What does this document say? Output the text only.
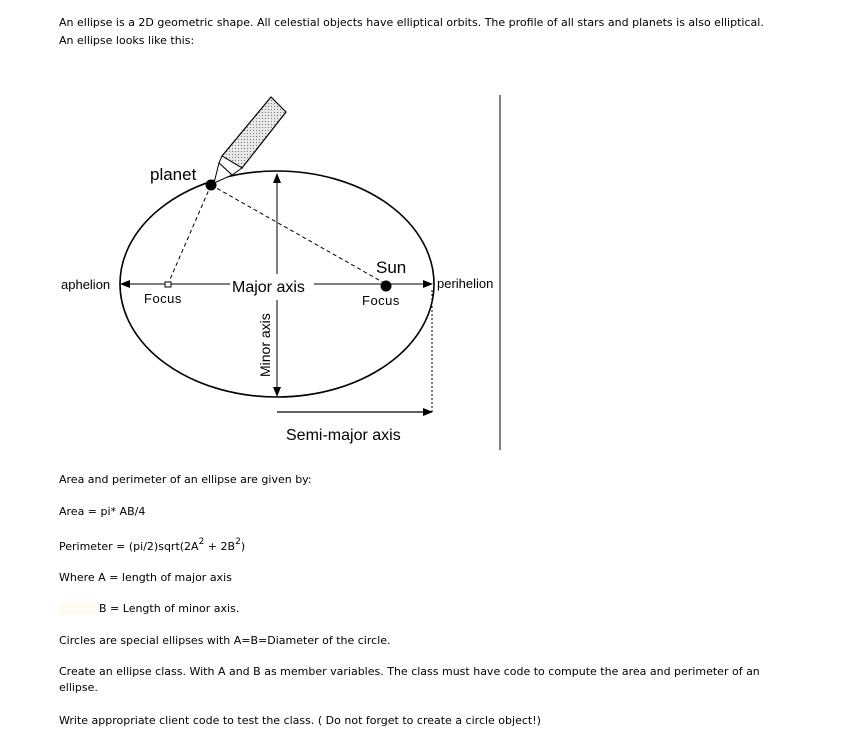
An ellipse is a 2D geometric shape. All celestial objects have elliptical orbits. The profile of all stars and planets is also elliptical.

An ellipse looks like this:

planet
Sun
aphelion	perihelion
Focus	Focus
Major axis
Minor axis
Semi-major axis

Area and perimeter of an ellipse are given by:

Area = pi* AB/4

Perimeter = $(pi/2)sqrt(2A^2 + 2B^2)$

Where A = length of major axis

B = Length of minor axis.

Circles are special ellipses with A=B=Diameter of the circle.

Create an ellipse class. With A and B as member variables. The class must have code to compute the area and perimeter of an ellipse.

Write appropriate client code to test the class. ( Do not forget to create a circle object!)
